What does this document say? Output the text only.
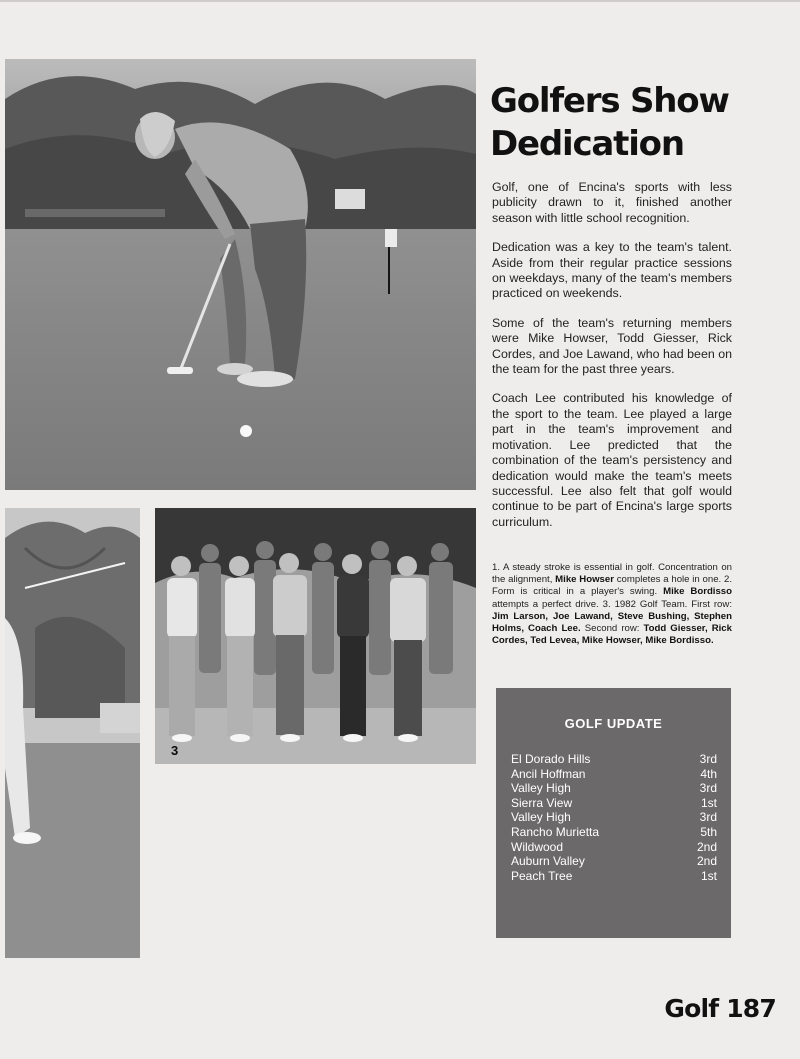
3
Golfers Show Dedication

Golf, one of Encina's sports with less publicity drawn to it, finished another season with little school recognition.

Dedication was a key to the team's talent. Aside from their regular practice sessions on weekdays, many of the team's members practiced on weekends.

Some of the team's returning members were Mike Howser, Todd Giesser, Rick Cordes, and Joe Lawand, who had been on the team for the past three years.

Coach Lee contributed his knowledge of the sport to the team. Lee played a large part in the team's improvement and motivation. Lee predicted that the combination of the team's persistency and dedication would make the team's meets successful. Lee also felt that golf would continue to be part of Encina's large sports curriculum.

1. A steady stroke is essential in golf. Concentration on the alignment, Mike Howser completes a hole in one. 2. Form is critical in a player's swing. Mike Bordisso attempts a perfect drive. 3. 1982 Golf Team. First row: Jim Larson, Joe Lawand, Steve Bushing, Stephen Holms, Coach Lee. Second row: Todd Giesser, Rick Cordes, Ted Levea, Mike Howser, Mike Bordisso.
GOLF UPDATE
El Dorado Hills	3rd
Ancil Hoffman	4th
Valley High	3rd
Sierra View	1st
Valley High	3rd
Rancho Murietta	5th
Wildwood	2nd
Auburn Valley	2nd
Peach Tree	1st
Golf 187
